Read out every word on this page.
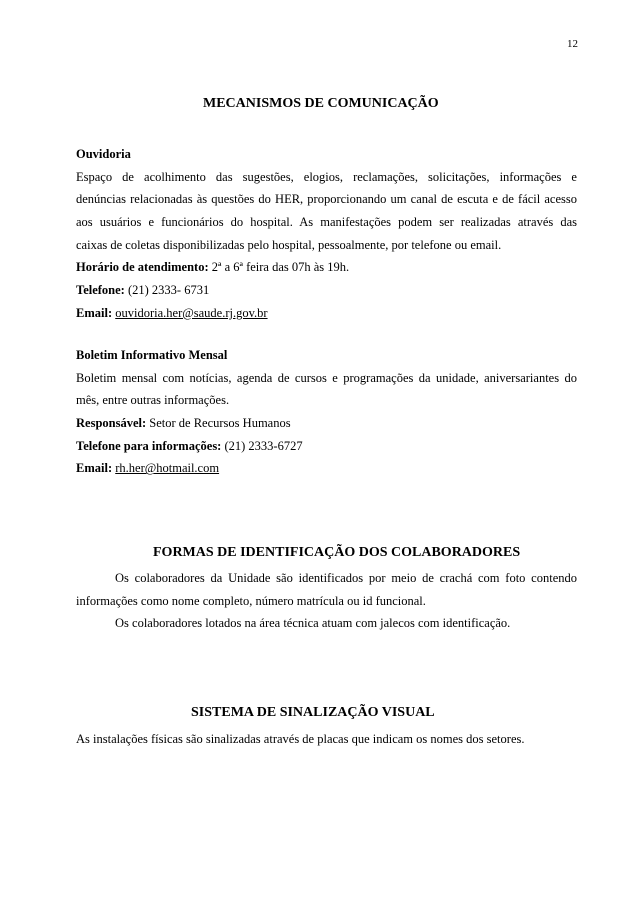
12
MECANISMOS DE COMUNICAÇÃO
Ouvidoria
Espaço de acolhimento das sugestões, elogios, reclamações, solicitações, informações e
denúncias relacionadas às questões do HER, proporcionando um canal de escuta e de fácil acesso
aos usuários e funcionários do hospital. As manifestações podem ser realizadas através das
caixas de coletas disponibilizadas pelo hospital, pessoalmente, por telefone ou email.
Horário de atendimento: 2ª a 6ª feira das 07h às 19h.
Telefone: (21) 2333- 6731
Email: ouvidoria.her@saude.rj.gov.br
Boletim Informativo Mensal
Boletim mensal com notícias, agenda de cursos e programações da unidade, aniversariantes do
mês, entre outras informações.
Responsável: Setor de Recursos Humanos
Telefone para informações: (21) 2333-6727
Email: rh.her@hotmail.com
FORMAS DE IDENTIFICAÇÃO DOS COLABORADORES
Os colaboradores da Unidade são identificados por meio de crachá com foto contendo
informações como nome completo, número matrícula ou id funcional.
Os colaboradores lotados na área técnica atuam com jalecos com identificação.
SISTEMA DE SINALIZAÇÃO VISUAL
As instalações físicas são sinalizadas através de placas que indicam os nomes dos setores.
